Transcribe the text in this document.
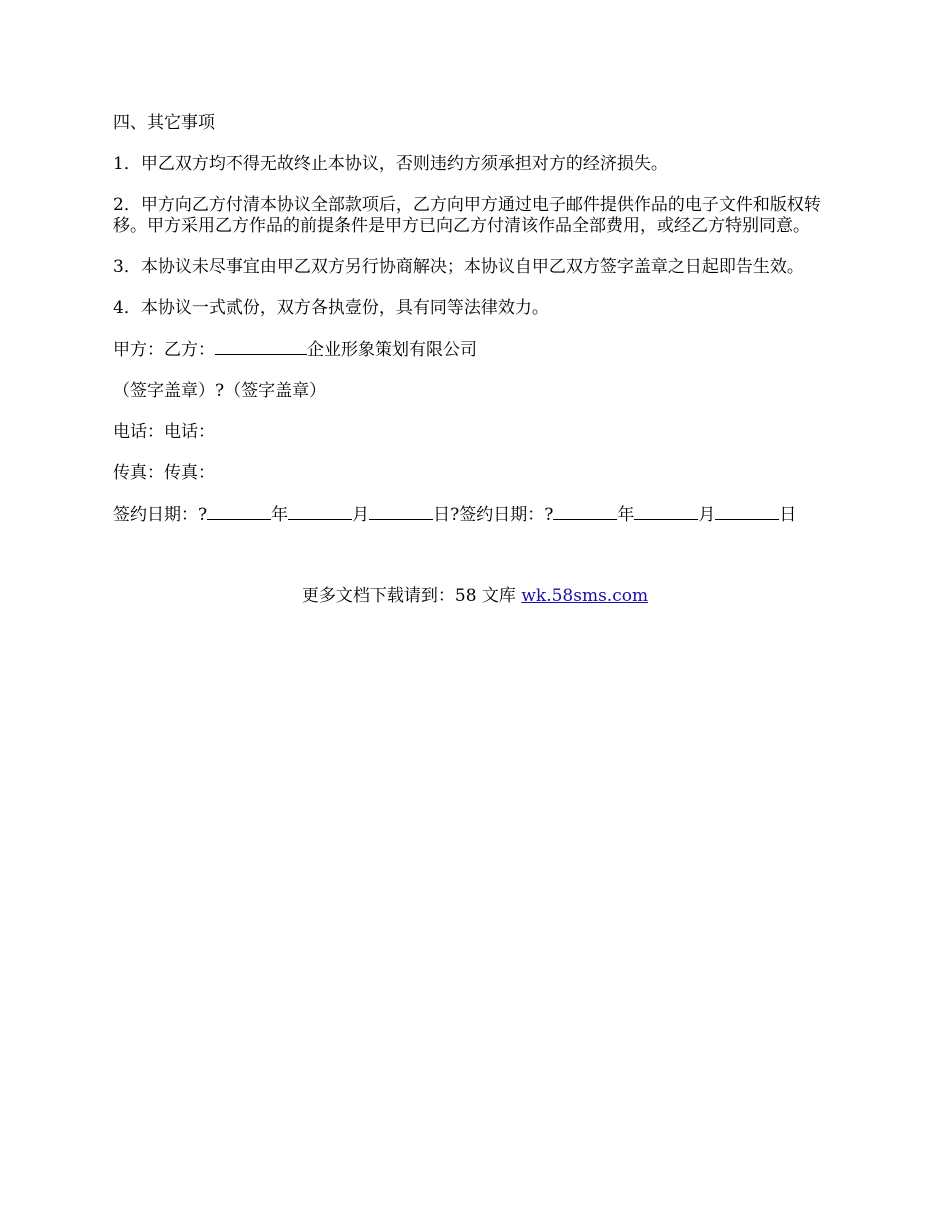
四、其它事项

1．甲乙双方均不得无故终止本协议，否则违约方须承担对方的经济损失。

2．甲方向乙方付清本协议全部款项后，乙方向甲方通过电子邮件提供作品的电子文件和版权转移。甲方采用乙方作品的前提条件是甲方已向乙方付清该作品全部费用，或经乙方特别同意。

3．本协议未尽事宜由甲乙双方另行协商解决；本协议自甲乙双方签字盖章之日起即告生效。

4．本协议一式贰份，双方各执壹份，具有同等法律效力。

甲方：乙方：	企业形象策划有限公司

（签字盖章）?（签字盖章）

电话：电话：

传真：传真：

签约日期：?	年	月	日?签约日期：?	年	月	日

更多文档下载请到：58 文库 wk.58sms.com
